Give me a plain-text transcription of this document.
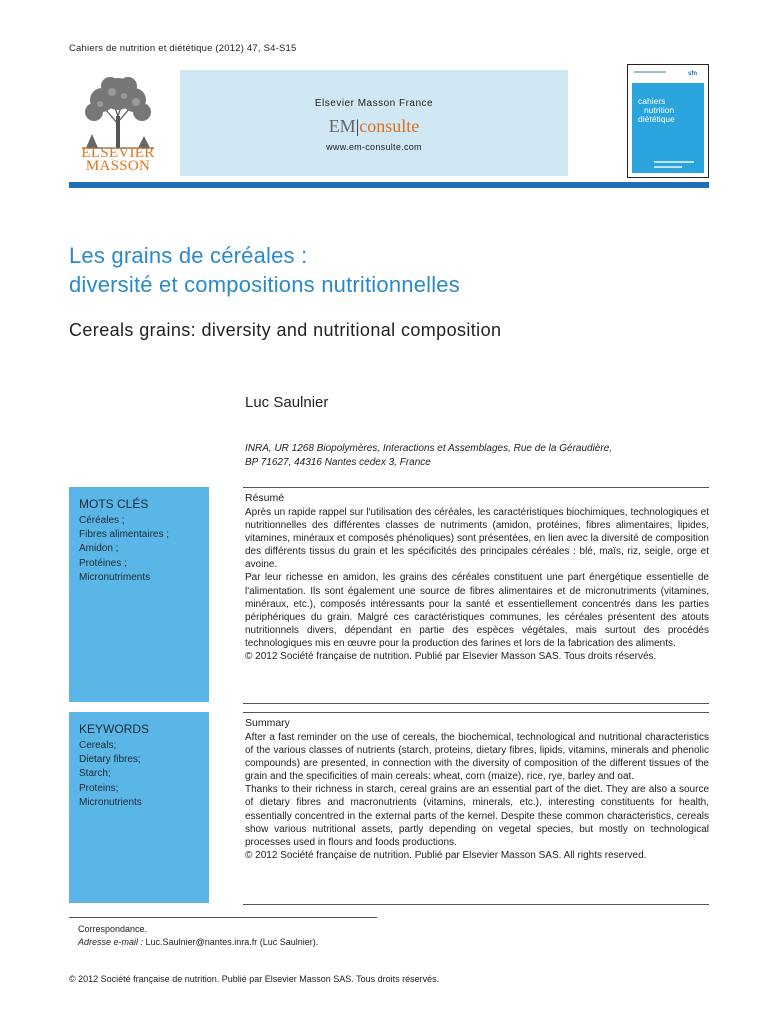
Cahiers de nutrition et diététique (2012) 47, S4-S15
ELSEVIER
MASSON
Elsevier Masson France
EM|consulte
www.em-consulte.com
sfn
cahiers
nutrition
diététique
Les grains de céréales :
diversité et compositions nutritionnelles
Cereals grains: diversity and nutritional composition
Luc Saulnier
INRA, UR 1268 Biopolymères, Interactions et Assemblages, Rue de la Géraudière,
BP 71627, 44316 Nantes cedex 3, France
MOTS CLÉS
Céréales ;
Fibres alimentaires ;
Amidon ;
Protéines ;
Micronutriments
Résumé

Après un rapide rappel sur l'utilisation des céréales, les caractéristiques biochimiques, technologiques et nutritionnelles des différentes classes de nutriments (amidon, protéines, fibres alimentaires, lipides, vitamines, minéraux et composés phénoliques) sont présentées, en lien avec la diversité de composition des différents tissus du grain et les spécificités des principales céréales : blé, maïs, riz, seigle, orge et avoine.

Par leur richesse en amidon, les grains des céréales constituent une part énergétique essentielle de l'alimentation. Ils sont également une source de fibres alimentaires et de micronutriments (vitamines, minéraux, etc.), composés intéressants pour la santé et essentiellement concentrés dans les parties périphériques du grain. Malgré ces caractéristiques communes, les céréales présentent des atouts nutritionnels divers, dépendant en partie des espèces végétales, mais surtout des procédés technologiques mis en œuvre pour la production des farines et lors de la fabrication des aliments.

© 2012 Société française de nutrition. Publié par Elsevier Masson SAS. Tous droits réservés.

KEYWORDS
Cereals;
Dietary fibres;
Starch;
Proteins;
Micronutrients
Summary

After a fast reminder on the use of cereals, the biochemical, technological and nutritional characteristics of the various classes of nutrients (starch, proteins, dietary fibres, lipids, vitamins, minerals and phenolic compounds) are presented, in connection with the diversity of composition of the different tissues of the grain and the specificities of main cereals: wheat, corn (maize), rice, rye, barley and oat.

Thanks to their richness in starch, cereal grains are an essential part of the diet. They are also a source of dietary fibres and macronutrients (vitamins, minerals, etc.), interesting constituents for health, essentially concentred in the external parts of the kernel. Despite these common characteristics, cereals show various nutritional assets, partly depending on vegetal species, but mostly on technological processes used in flours and foods productions.

© 2012 Société française de nutrition. Publié par Elsevier Masson SAS. All rights reserved.

Correspondance.
Adresse e-mail : Luc.Saulnier@nantes.inra.fr (Luc Saulnier).
© 2012 Société française de nutrition. Publié par Elsevier Masson SAS. Tous droits réservés.
